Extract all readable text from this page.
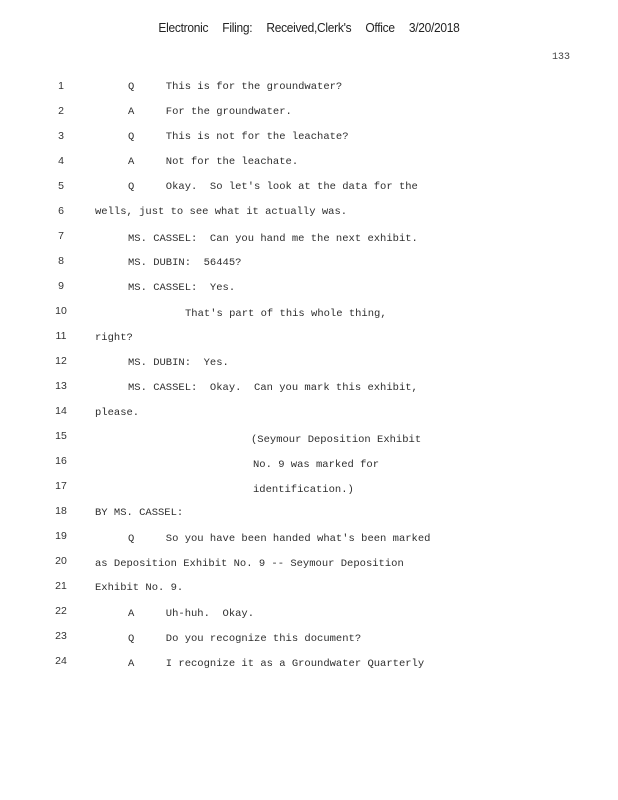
Electronic Filing: Received,Clerk's Office 3/20/2018
133
1	Q     This is for the groundwater?
2	A     For the groundwater.
3	Q     This is not for the leachate?
4	A     Not for the leachate.
5	Q     Okay.  So let's look at the data for the
6	wells, just to see what it actually was.
7	MS. CASSEL:  Can you hand me the next exhibit.
8	MS. DUBIN:  56445?
9	MS. CASSEL:  Yes.
10	That's part of this whole thing,
11	right?
12	MS. DUBIN:  Yes.
13	MS. CASSEL:  Okay.  Can you mark this exhibit,
14	please.
15	(Seymour Deposition Exhibit
16	No. 9 was marked for
17	identification.)
18	BY MS. CASSEL:
19	Q     So you have been handed what's been marked
20	as Deposition Exhibit No. 9 -- Seymour Deposition
21	Exhibit No. 9.
22	A     Uh-huh.  Okay.
23	Q     Do you recognize this document?
24	A     I recognize it as a Groundwater Quarterly
